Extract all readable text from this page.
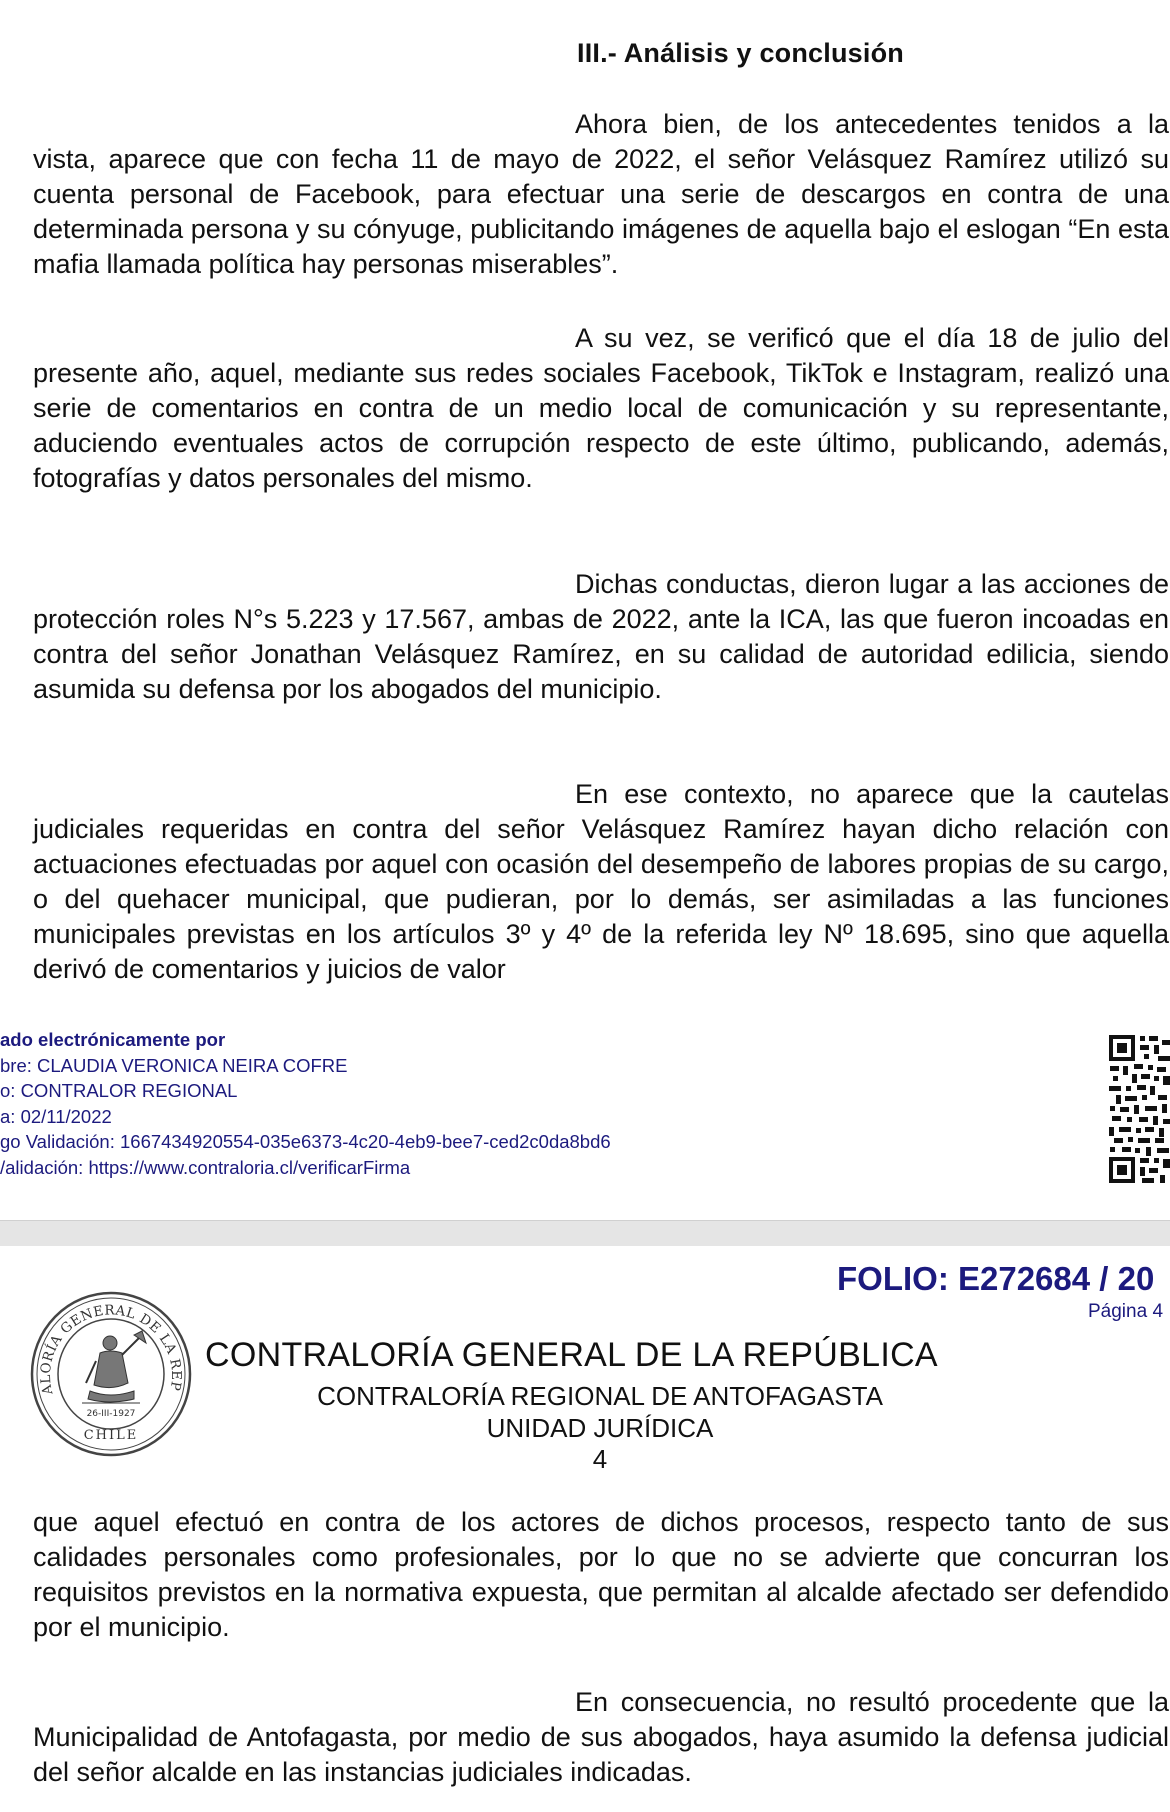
III.- Análisis y conclusión

Ahora bien, de los antecedentes tenidos a la vista, aparece que con fecha 11 de mayo de 2022, el señor Velásquez Ramírez utilizó su cuenta personal de Facebook, para efectuar una serie de descargos en contra de una determinada persona y su cónyuge, publicitando imágenes de aquella bajo el eslogan “En esta mafia llamada política hay personas miserables”.

A su vez, se verificó que el día 18 de julio del presente año, aquel, mediante sus redes sociales Facebook, TikTok e Instagram, realizó una serie de comentarios en contra de un medio local de comunicación y su representante, aduciendo eventuales actos de corrupción respecto de este último, publicando, además, fotografías y datos personales del mismo.

Dichas conductas, dieron lugar a las acciones de protección roles N°s 5.223 y 17.567, ambas de 2022, ante la ICA, las que fueron incoadas en contra del señor Jonathan Velásquez Ramírez, en su calidad de autoridad edilicia, siendo asumida su defensa por los abogados del municipio.

En ese contexto, no aparece que la cautelas judiciales requeridas en contra del señor Velásquez Ramírez hayan dicho relación con actuaciones efectuadas por aquel con ocasión del desempeño de labores propias de su cargo, o del quehacer municipal, que pudieran, por lo demás, ser asimiladas a las funciones municipales previstas en los artículos 3º y 4º de la referida ley Nº 18.695, sino que aquella derivó de comentarios y juicios de valor

ado electrónicamente por
bre: CLAUDIA VERONICA NEIRA COFRE
o: CONTRALOR REGIONAL
a: 02/11/2022
go Validación: 1667434920554-035e6373-4c20-4eb9-bee7-ced2c0da8bd6
/alidación: https://www.contraloria.cl/verificarFirma
FOLIO: E272684 / 20
Página 4
ALORÍA GENERAL DE LA REP
26-III-1927
CHILE
CONTRALORÍA GENERAL DE LA REPÚBLICA
CONTRALORÍA REGIONAL DE ANTOFAGASTA
UNIDAD JURÍDICA
4

que aquel efectuó en contra de los actores de dichos procesos, respecto tanto de sus calidades personales como profesionales, por lo que no se advierte que concurran los requisitos previstos en la normativa expuesta, que permitan al alcalde afectado ser defendido por el municipio.

En consecuencia, no resultó procedente que la Municipalidad de Antofagasta, por medio de sus abogados, haya asumido la defensa judicial del señor alcalde en las instancias judiciales indicadas.
